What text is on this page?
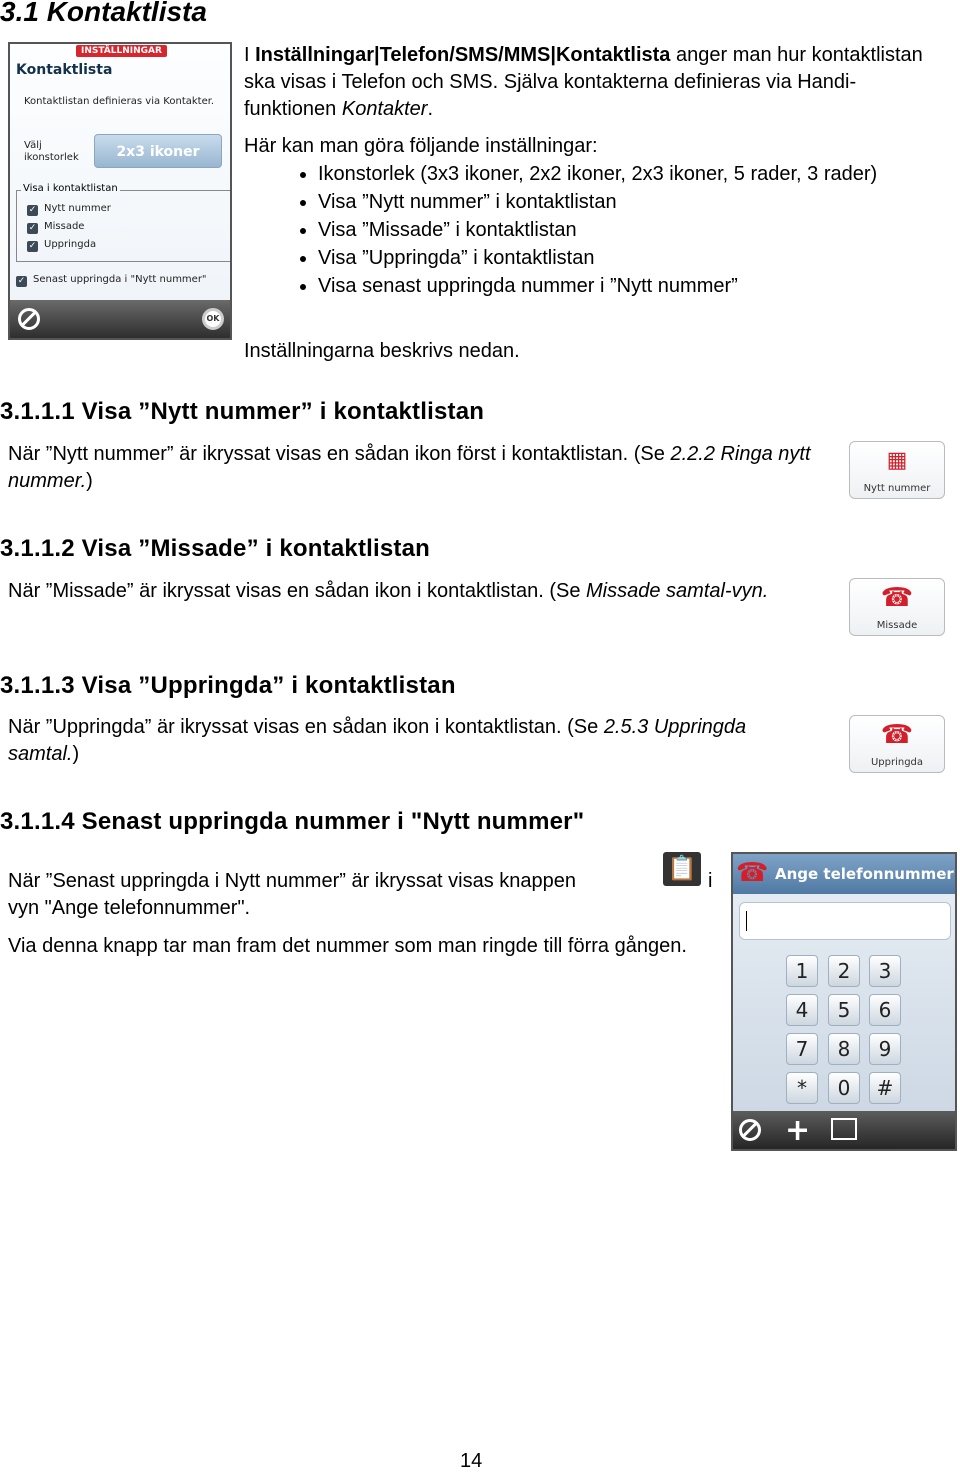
3.1 Kontaktlista
INSTÄLLNINGAR
Kontaktlista
Kontaktlistan definieras via Kontakter.
Välj ikonstorlek	2x3 ikoner
Visa i kontaktlistan
✓ Nytt nummer
✓ Missade
✓ Uppringda
✓ Senast uppringda i "Nytt nummer"
OK
I Inställningar|Telefon/SMS/MMS|Kontaktlista anger man hur kontaktlistan ska visas i Telefon och SMS. Själva kontakterna definieras via Handi-funktionen Kontakter.
Här kan man göra följande inställningar:
• Ikonstorlek (3x3 ikoner, 2x2 ikoner, 2x3 ikoner, 5 rader, 3 rader)
• Visa ”Nytt nummer” i kontaktlistan
• Visa ”Missade” i kontaktlistan
• Visa ”Uppringda” i kontaktlistan
• Visa senast uppringda nummer i ”Nytt nummer”
Inställningarna beskrivs nedan.
3.1.1.1 Visa ”Nytt nummer” i kontaktlistan
När ”Nytt nummer” är ikryssat visas en sådan ikon först i kontaktlistan. (Se 2.2.2 Ringa nytt nummer.)
▦
Nytt nummer
3.1.1.2 Visa ”Missade” i kontaktlistan
När ”Missade” är ikryssat visas en sådan ikon i kontaktlistan. (Se Missade samtal-vyn.	☎
Missade
3.1.1.3 Visa ”Uppringda” i kontaktlistan
När ”Uppringda” är ikryssat visas en sådan ikon i kontaktlistan. (Se 2.5.3 Uppringda samtal.)
☎
Uppringda
3.1.1.4 Senast uppringda nummer i "Nytt nummer"
När ”Senast uppringda i Nytt nummer” är ikryssat visas knappen	📋 i
vyn "Ange telefonnummer".
Via denna knapp tar man fram det nummer som man ringde till förra gången.
☎ Ange telefonnummer
1	2	3
4	5	6
7	8	9
*	0	#
+
14
